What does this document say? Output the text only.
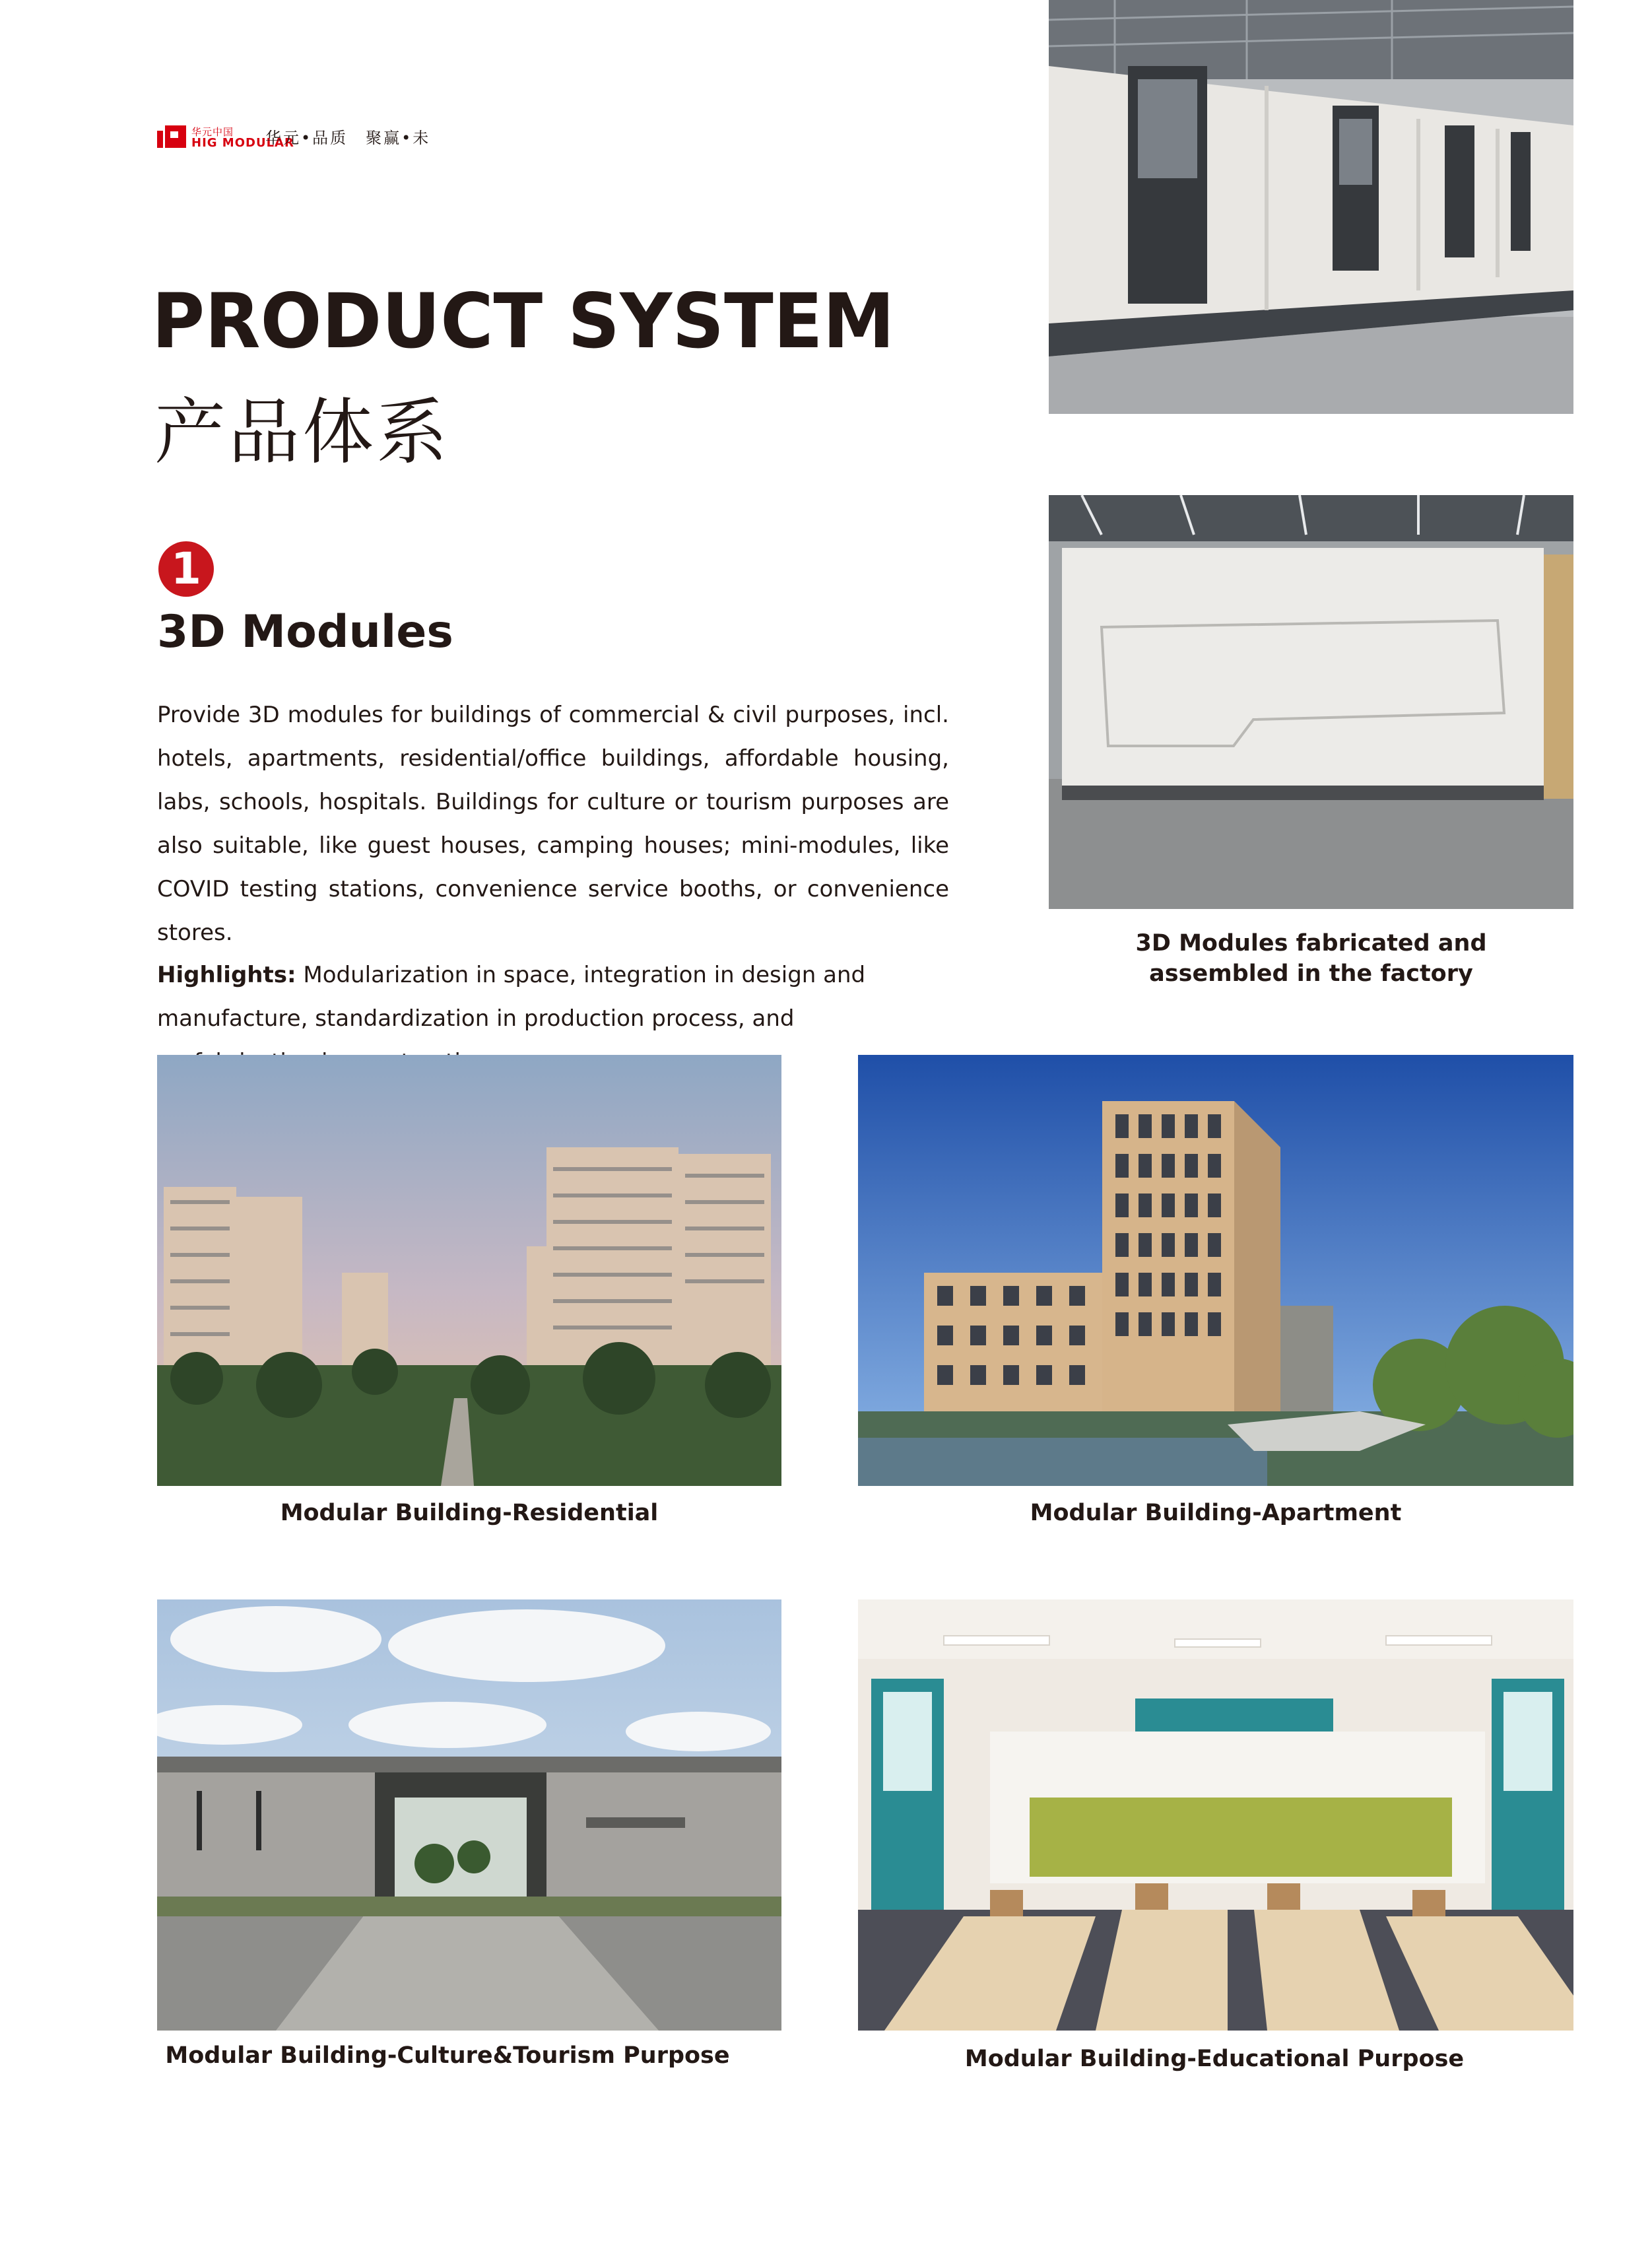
华元中国
HIG MODULAR
华元•品质　聚赢•未
PRODUCT SYSTEM
产品体系
1
3D Modules
Provide 3D modules for buildings of commercial & civil purposes, incl. hotels, apartments, residential/office buildings, affordable housing, labs, schools, hospitals. Buildings for culture or tourism purposes are also suitable, like guest houses, camping houses; mini-modules, like COVID testing stations, convenience service booths, or convenience stores.
Highlights: Modularization in space, integration in design and manufacture, standardization in production process, and
3D Modules fabricated and
assembled in the factory
Modular Building-Residential	Modular Building-Apartment
Modular Building-Culture&Tourism Purpose	Modular Building-Educational Purpose
